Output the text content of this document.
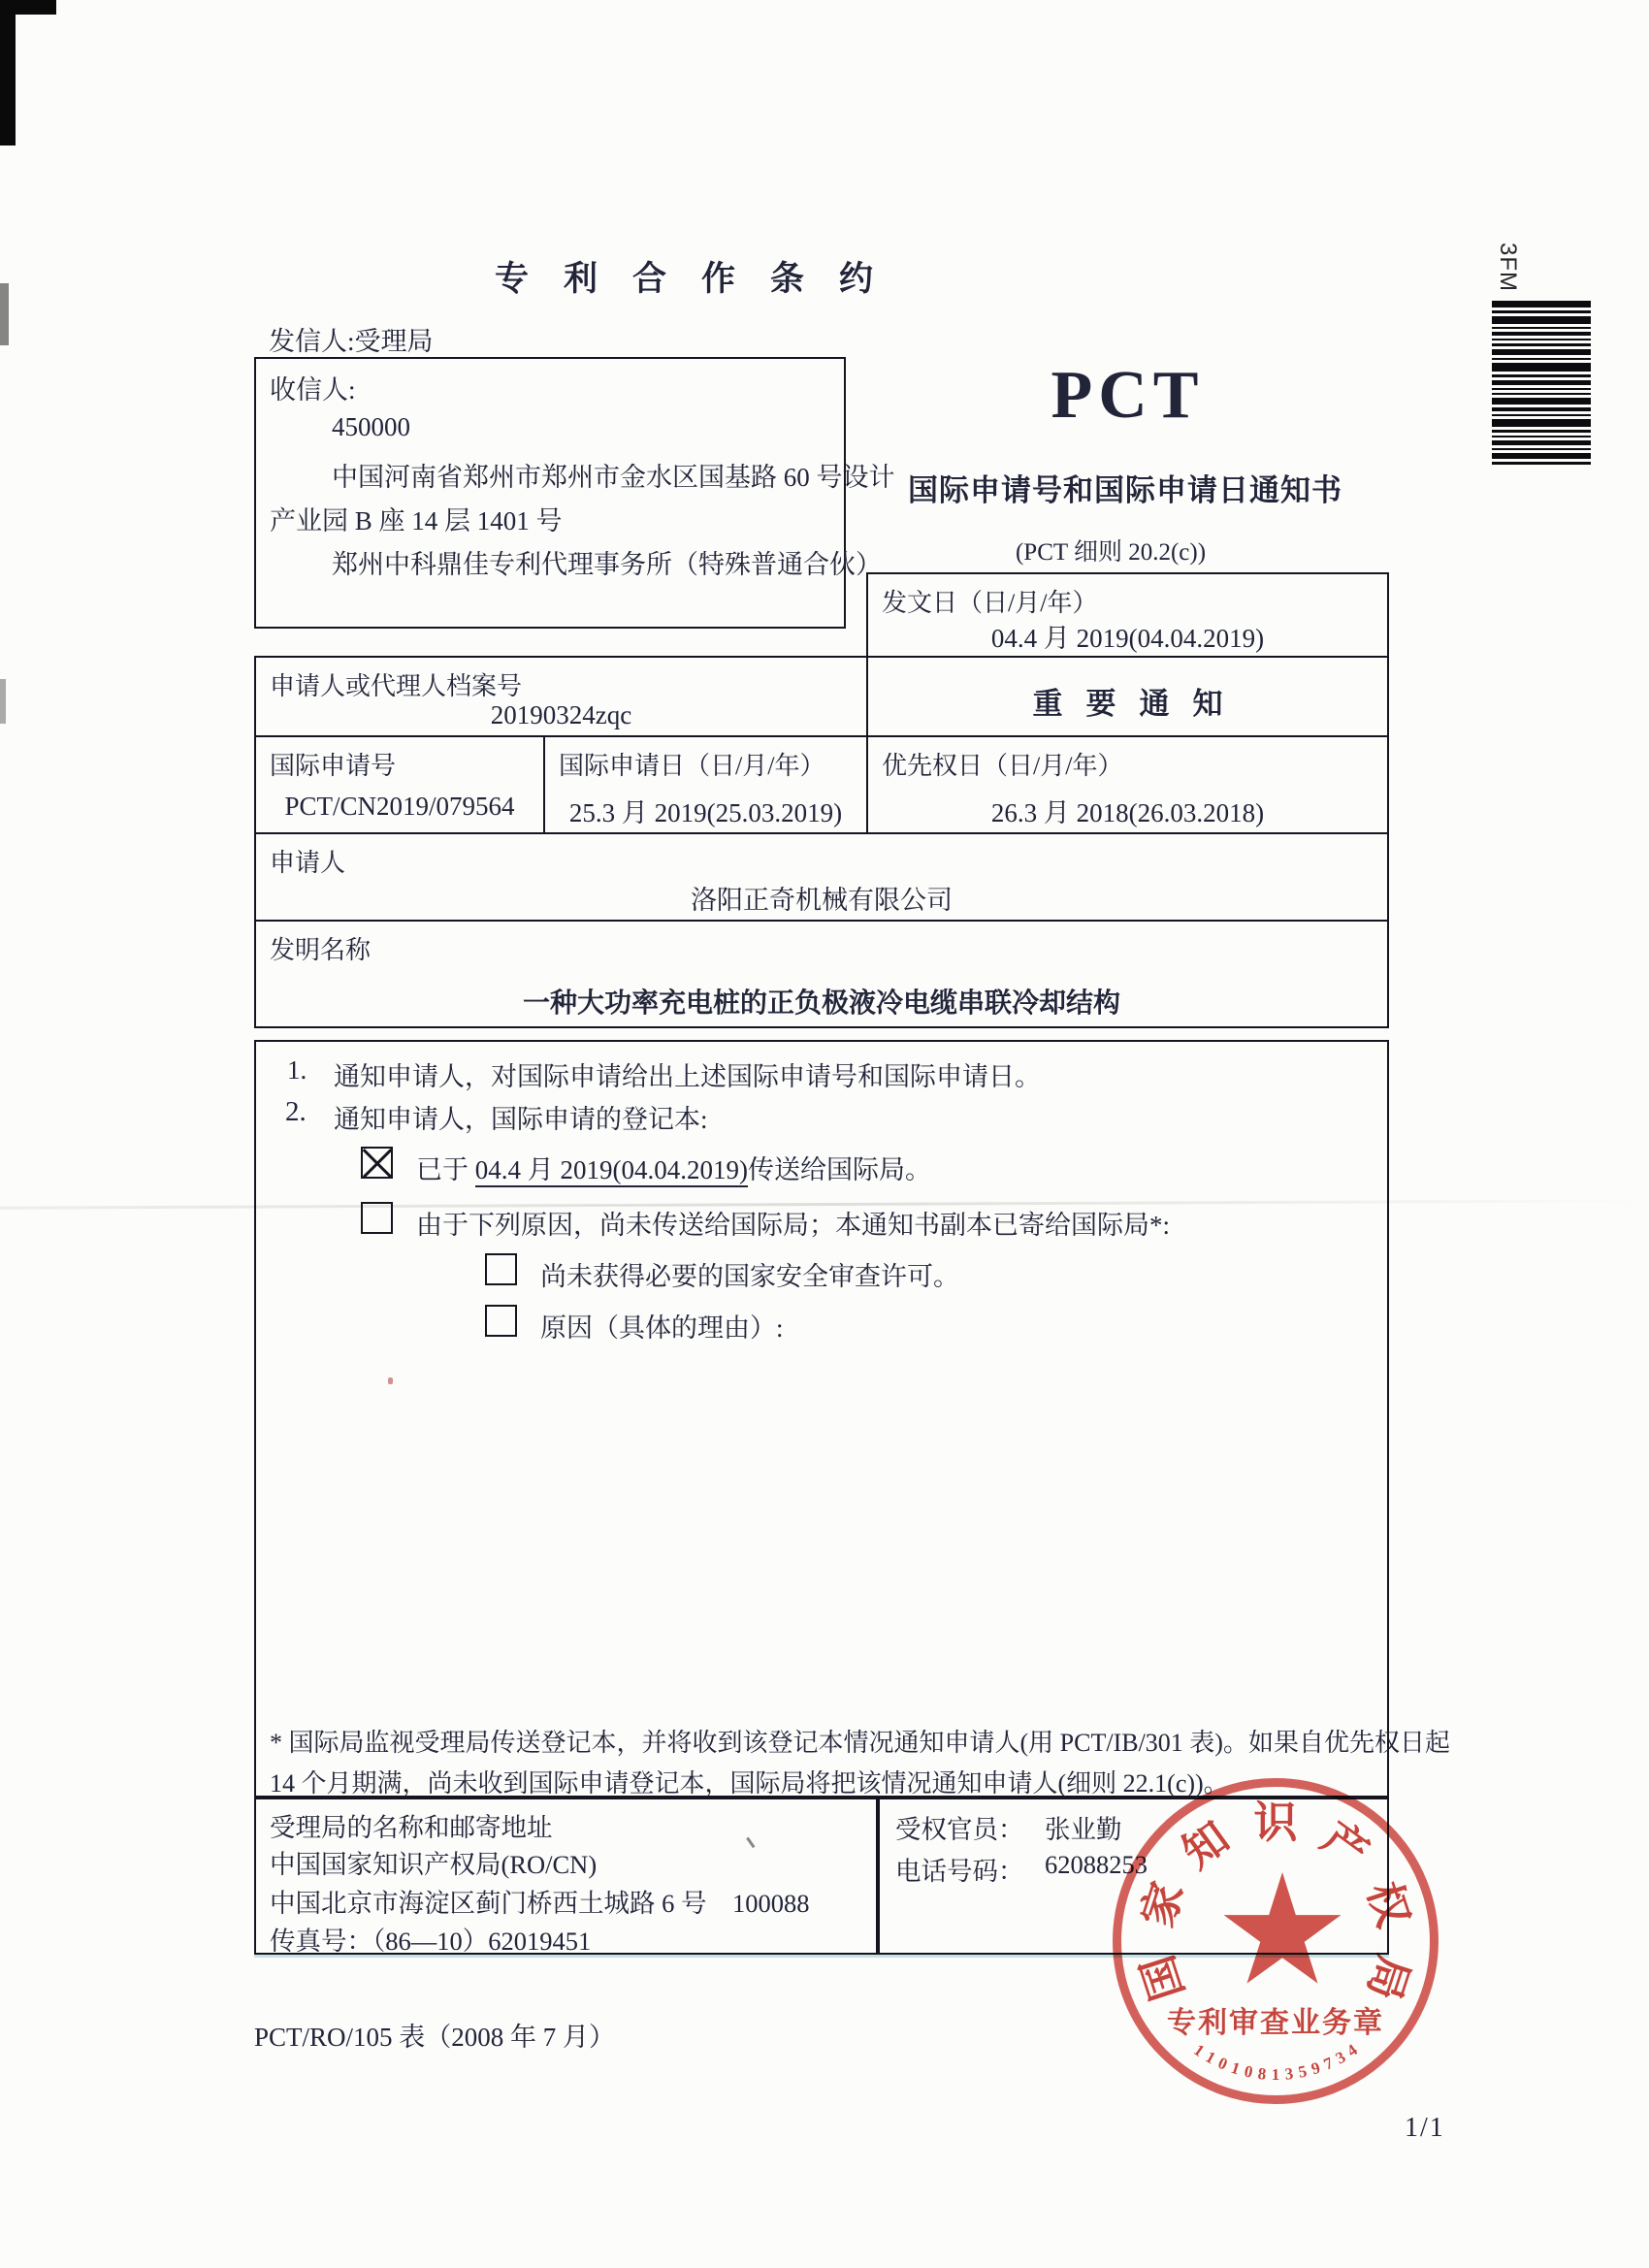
专利合作条约
发信人:受理局
收信人:
450000
中国河南省郑州市郑州市金水区国基路 60 号设计
产业园 B 座 14 层 1401 号
郑州中科鼎佳专利代理事务所（特殊普通合伙）
PCT
国际申请号和国际申请日通知书
(PCT 细则 20.2(c))
发文日（日/月/年）
04.4 月 2019(04.04.2019)
申请人或代理人档案号
20190324zqc	重要通知
国际申请号
PCT/CN2019/079564
国际申请日（日/月/年）
25.3 月 2019(25.03.2019)
优先权日（日/月/年）
26.3 月 2018(26.03.2018)
申请人
洛阳正奇机械有限公司
发明名称
一种大功率充电桩的正负极液冷电缆串联冷却结构
1. 通知申请人，对国际申请给出上述国际申请号和国际申请日。
2. 通知申请人，国际申请的登记本:
已于 04.4 月 2019(04.04.2019)传送给国际局。
由于下列原因，尚未传送给国际局；本通知书副本已寄给国际局*:
尚未获得必要的国家安全审查许可。
原因（具体的理由）:
* 国际局监视受理局传送登记本，并将收到该登记本情况通知申请人(用 PCT/IB/301 表)。如果自优先权日起
14 个月期满，尚未收到国际申请登记本，国际局将把该情况通知申请人(细则 22.1(c))。
受理局的名称和邮寄地址
中国国家知识产权局(RO/CN)
中国北京市海淀区蓟门桥西土城路 6 号　100088
传真号：（86—10）62019451
受权官员： 张业勤
电话号码： 62088253
PCT/RO/105 表（2008 年 7 月）
1/1
3FM
国
家
知 识 产
权
局
专利审查业务章
1
1
0
1 0 8 1 3 5 9
7
3
4
